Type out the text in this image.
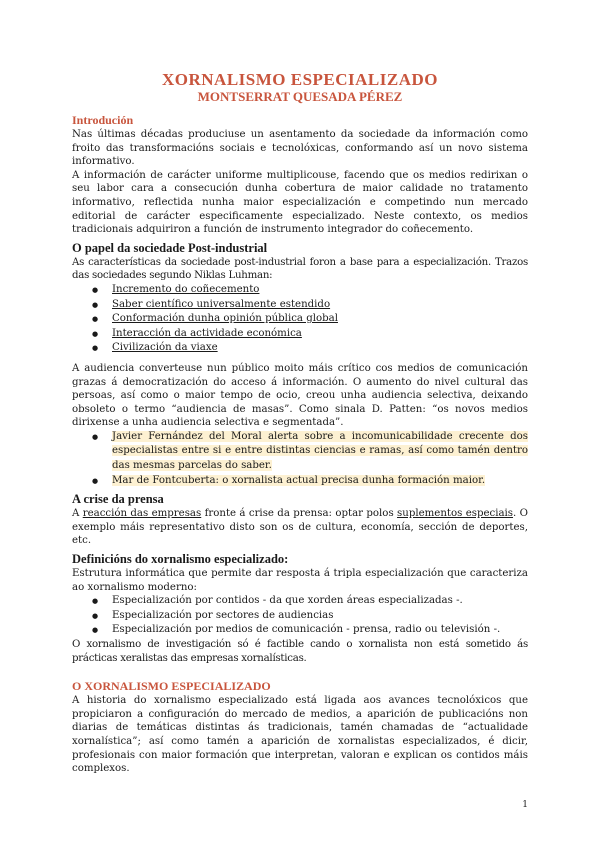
XORNALISMO ESPECIALIZADO
MONTSERRAT QUESADA PÉREZ
Introdución

Nas últimas décadas produciuse un asentamento da sociedade da información como froito das transformacións sociais e tecnolóxicas, conformando así un novo sistema informativo.

A información de carácter uniforme multiplicouse, facendo que os medios redirixan o seu labor cara a consecución dunha cobertura de maior calidade no tratamento informativo, reflectida nunha maior especialización e competindo nun mercado editorial de carácter especificamente especializado. Neste contexto, os medios tradicionais adquiriron a función de instrumento integrador do coñecemento.

O papel da sociedade Post-industrial

As características da sociedade post-industrial foron a base para a especialización. Trazos das sociedades segundo Niklas Luhman:

● Incremento do coñecemento
● Saber científico universalmente estendido
● Conformación dunha opinión pública global
● Interacción da actividade económica
● Civilización da viaxe

A audiencia converteuse nun público moito máis crítico cos medios de comunicación grazas á democratización do acceso á información. O aumento do nivel cultural das persoas, así como o maior tempo de ocio, creou unha audiencia selectiva, deixando obsoleto o termo “audiencia de masas”. Como sinala D. Patten: “os novos medios dirixense a unha audiencia selectiva e segmentada”.

● Javier Fernández del Moral alerta sobre a incomunicabilidade crecente dos especialistas entre si e entre distintas ciencias e ramas, así como tamén dentro das mesmas parcelas do saber.
● Mar de Fontcuberta: o xornalista actual precisa dunha formación maior.
A crise da prensa

A reacción das empresas fronte á crise da prensa: optar polos suplementos especiais. O exemplo máis representativo disto son os de cultura, economía, sección de deportes, etc.

Definicións do xornalismo especializado:

Estrutura informática que permite dar resposta á tripla especialización que caracteriza ao xornalismo moderno:

● Especialización por contidos - da que xorden áreas especializadas -.
● Especialización por sectores de audiencias
● Especialización por medios de comunicación - prensa, radio ou televisión -.

O xornalismo de investigación só é factible cando o xornalista non está sometido ás prácticas xeralistas das empresas xornalísticas.

O XORNALISMO ESPECIALIZADO

A historia do xornalismo especializado está ligada aos avances tecnolóxicos que propiciaron a configuración do mercado de medios, a aparición de publicacións non diarias de temáticas distintas ás tradicionais, tamén chamadas de “actualidade xornalística”; así como tamén a aparición de xornalistas especializados, é dicir, profesionais con maior formación que interpretan, valoran e explican os contidos máis complexos.

1
